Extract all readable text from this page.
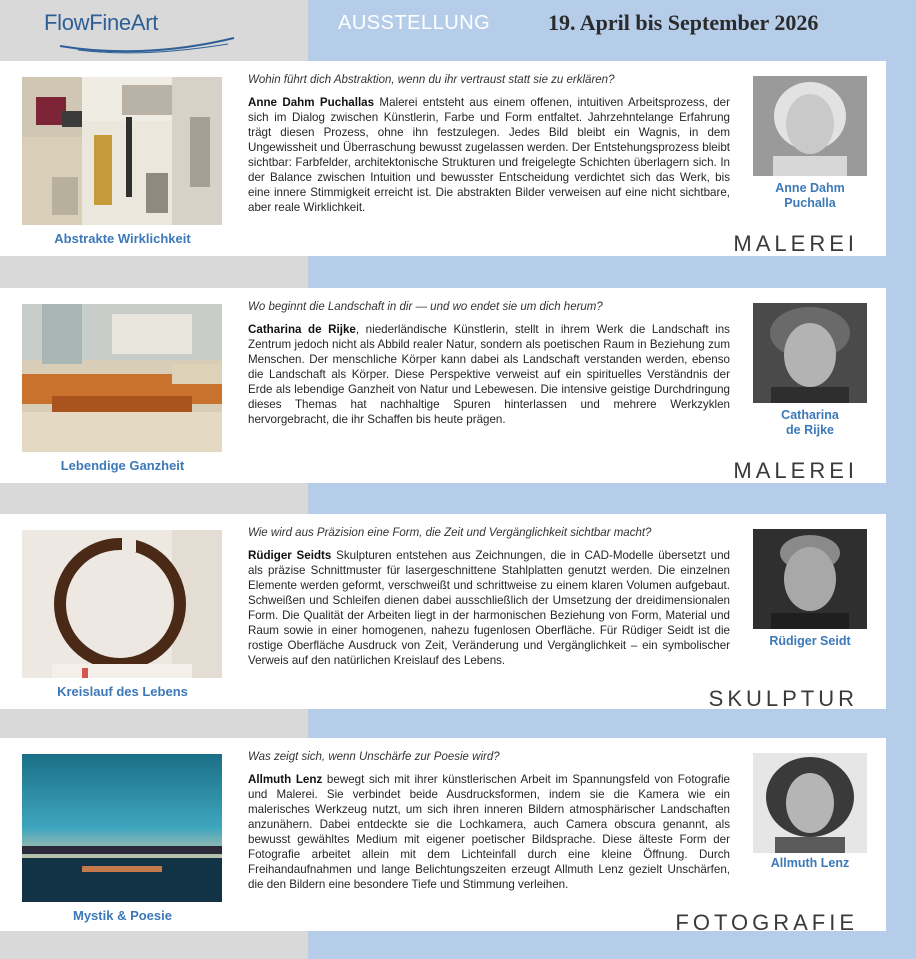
FlowFineArt	AUSSTELLUNG	19. April bis September 2026
Abstrakte Wirklichkeit
Wohin führt dich Abstraktion, wenn du ihr vertraust statt sie zu erklären?
Anne Dahm Puchallas Malerei entsteht aus einem offenen, intuitiven Arbeitsprozess, der sich im Dialog zwischen Künstlerin, Farbe und Form entfaltet. Jahrzehntelange Erfahrung trägt diesen Prozess, ohne ihn festzulegen. Jedes Bild bleibt ein Wagnis, in dem Ungewissheit und Überraschung bewusst zugelassen werden. Der Entstehungsprozess bleibt sichtbar: Farbfelder, architektonische Strukturen und freigelegte Schichten überlagern sich. In der Balance zwischen Intuition und bewusster Entscheidung verdichtet sich das Werk, bis eine innere Stimmigkeit erreicht ist. Die abstrakten Bilder verweisen auf eine nicht sichtbare, aber reale Wirklichkeit.
Anne Dahm
Puchalla
MALEREI
Lebendige Ganzheit
Wo beginnt die Landschaft in dir — und wo endet sie um dich herum?
Catharina de Rijke, niederländische Künstlerin, stellt in ihrem Werk die Landschaft ins Zentrum jedoch nicht als Abbild realer Natur, sondern als poetischen Raum in Beziehung zum Menschen. Der menschliche Körper kann dabei als Landschaft verstanden werden, ebenso die Landschaft als Körper. Diese Perspektive verweist auf ein spirituelles Verständnis der Erde als lebendige Ganzheit von Natur und Lebewesen. Die intensive geistige Durchdringung dieses Themas hat nachhaltige Spuren hinterlassen und mehrere Werkzyklen hervorgebracht, die ihr Schaffen bis heute prägen.	Catharina
de Rijke
MALEREI
Kreislauf des Lebens
Wie wird aus Präzision eine Form, die Zeit und Vergänglichkeit sichtbar macht?
Rüdiger Seidts Skulpturen entstehen aus Zeichnungen, die in CAD-Modelle übersetzt und als präzise Schnittmuster für lasergeschnittene Stahlplatten genutzt werden. Die einzelnen Elemente werden geformt, verschweißt und schrittweise zu einem klaren Volumen aufgebaut. Schweißen und Schleifen dienen dabei ausschließlich der Umsetzung der dreidimensionalen Form. Die Qualität der Arbeiten liegt in der harmonischen Beziehung von Form, Material und Raum sowie in einer homogenen, nahezu fugenlosen Oberfläche. Für Rüdiger Seidt ist die rostige Oberfläche Ausdruck von Zeit, Veränderung und Vergänglichkeit – ein symbolischer Verweis auf den natürlichen Kreislauf des Lebens.
Rüdiger Seidt
SKULPTUR
Mystik & Poesie
Was zeigt sich, wenn Unschärfe zur Poesie wird?
Allmuth Lenz bewegt sich mit ihrer künstlerischen Arbeit im Spannungsfeld von Fotografie und Malerei. Sie verbindet beide Ausdrucksformen, indem sie die Kamera wie ein malerisches Werkzeug nutzt, um sich ihren inneren Bildern atmosphärischer Landschaften anzunähern. Dabei entdeckte sie die Lochkamera, auch Camera obscura genannt, als bewusst gewähltes Medium mit eigener poetischer Bildsprache. Diese älteste Form der Fotografie arbeitet allein mit dem Lichteinfall durch eine kleine Öffnung. Durch Freihandaufnahmen und lange Belichtungszeiten erzeugt Allmuth Lenz gezielt Unschärfen, die den Bildern eine besondere Tiefe und Stimmung verleihen.
Allmuth Lenz
FOTOGRAFIE
